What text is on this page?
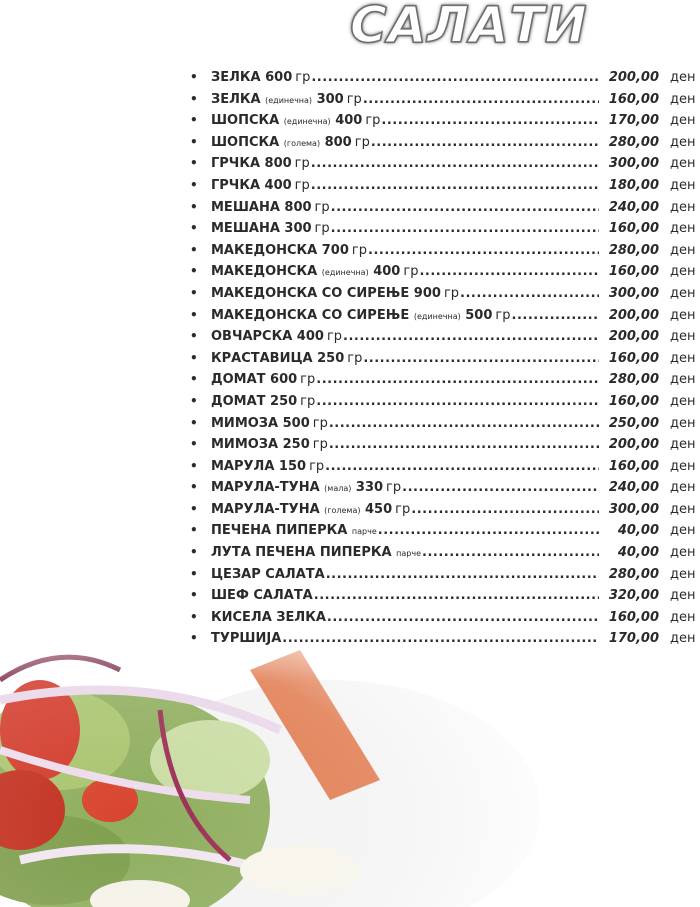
САЛАТИ
•	ЗЕЛКА 600 гр .....	200,00 ден
•	ЗЕЛКА (единечна) 300 гр .....	160,00 ден
•	ШОПСКА (единечна) 400 гр .....	170,00 ден
•	ШОПСКА (голема) 800 гр .....	280,00 ден
•	ГРЧКА 800 гр .....	300,00 ден
•	ГРЧКА 400 гр .....	180,00 ден
•	МЕШАНА 800 гр .....	240,00 ден
•	МЕШАНА 300 гр .....	160,00 ден
•	МАКЕДОНСКА 700 гр .....	280,00 ден
•	МАКЕДОНСКА (единечна) 400 гр .....	160,00 ден
•	МАКЕДОНСКА СО СИРЕЊЕ 900 гр .....	300,00 ден
•	МАКЕДОНСКА СО СИРЕЊЕ (единечна) 500 гр .....	200,00 ден
•	ОВЧАРСКА 400 гр .....	200,00 ден
•	КРАСТАВИЦА 250 гр .....	160,00 ден
•	ДОМАТ 600 гр .....	280,00 ден
•	ДОМАТ 250 гр .....	160,00 ден
•	МИМОЗА 500 гр .....	250,00 ден
•	МИМОЗА 250 гр .....	200,00 ден
•	МАРУЛА 150 гр .....	160,00 ден
•	МАРУЛА-ТУНА (мала) 330 гр .....	240,00 ден
•	МАРУЛА-ТУНА (голема) 450 гр .....	300,00 ден
•	ПЕЧЕНА ПИПЕРКА парче .....	40,00 ден
•	ЛУТА ПЕЧЕНА ПИПЕРКА парче .....	40,00 ден
•	ЦЕЗАР САЛАТА .....	280,00 ден
•	ШЕФ САЛАТА .....	320,00 ден
•	КИСЕЛА ЗЕЛКА .....	160,00 ден
•	ТУРШИЈА .....	170,00 ден
